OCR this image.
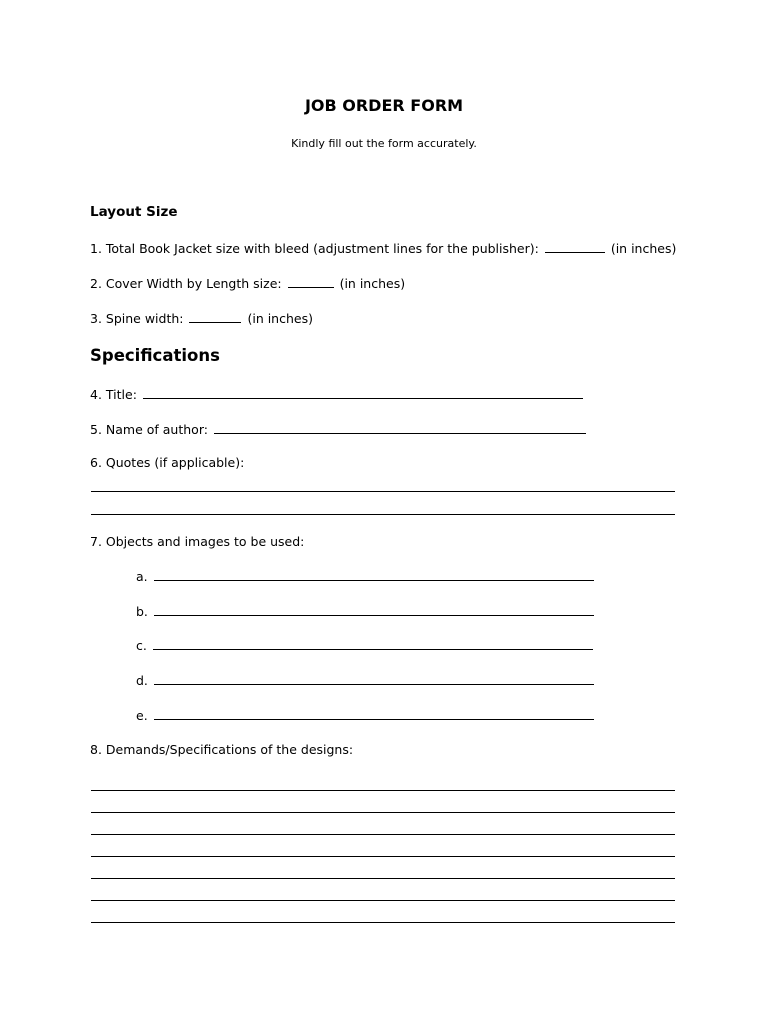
JOB ORDER FORM
Kindly fill out the form accurately.
Layout Size
1. Total Book Jacket size with bleed (adjustment lines for the publisher):	(in inches)
2. Cover Width by Length size:	(in inches)
3. Spine width:	(in inches)
Specifications
4. Title:
5. Name of author:
6. Quotes (if applicable):
7. Objects and images to be used:
a.
b.
c.
d.
e.
8. Demands/Specifications of the designs:
